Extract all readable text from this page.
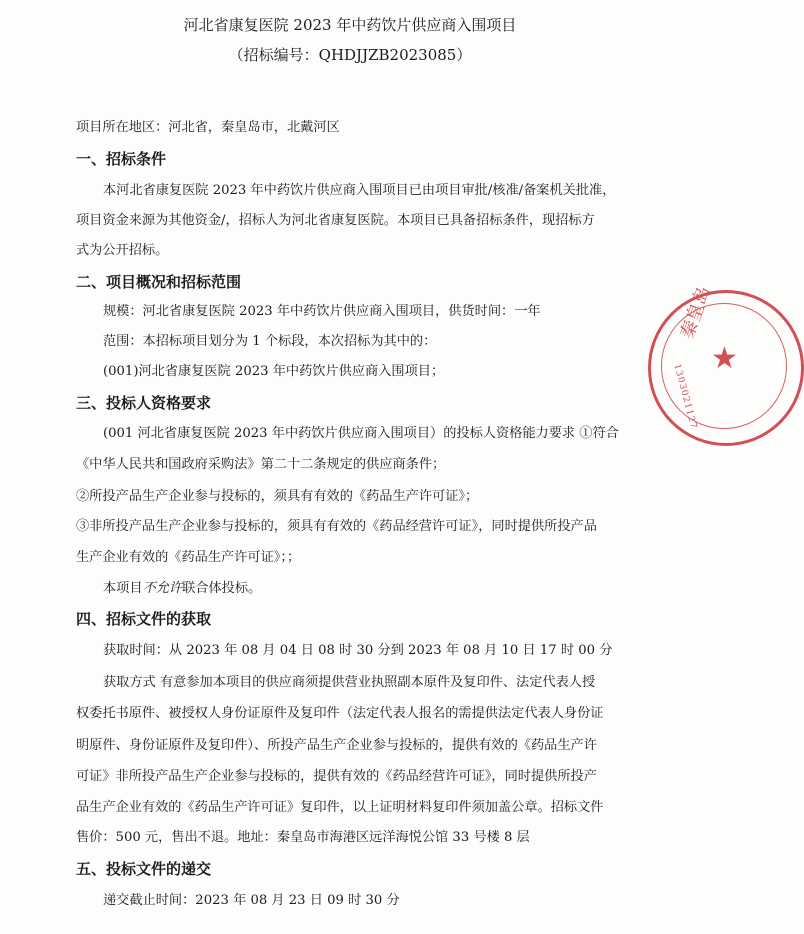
河北省康复医院 2023 年中药饮片供应商入围项目
（招标编号：QHDJJZB2023085）
项目所在地区：河北省，秦皇岛市，北戴河区
一、招标条件
本河北省康复医院 2023 年中药饮片供应商入围项目已由项目审批/核准/备案机关批准，
项目资金来源为其他资金/，招标人为河北省康复医院。本项目已具备招标条件，现招标方
式为公开招标。
二、项目概况和招标范围
规模：河北省康复医院 2023 年中药饮片供应商入围项目，供货时间：一年
范围：本招标项目划分为 1 个标段，本次招标为其中的：
(001)河北省康复医院 2023 年中药饮片供应商入围项目；
三、投标人资格要求
(001 河北省康复医院 2023 年中药饮片供应商入围项目）的投标人资格能力要求 ①符合
《中华人民共和国政府采购法》第二十二条规定的供应商条件；
②所投产品生产企业参与投标的，须具有有效的《药品生产许可证》；
③非所投产品生产企业参与投标的，须具有有效的《药品经营许可证》，同时提供所投产品
生产企业有效的《药品生产许可证》；；
本项目不允许联合体投标。
四、招标文件的获取
获取时间：从 2023 年 08 月 04 日 08 时 30 分到 2023 年 08 月 10 日 17 时 00 分
获取方式 有意参加本项目的供应商须提供营业执照副本原件及复印件、法定代表人授
权委托书原件、被授权人身份证原件及复印件（法定代表人报名的需提供法定代表人身份证
明原件、身份证原件及复印件）、所投产品生产企业参与投标的，提供有效的《药品生产许
可证》非所投产品生产企业参与投标的，提供有效的《药品经营许可证》，同时提供所投产
品生产企业有效的《药品生产许可证》复印件，以上证明材料复印件须加盖公章。招标文件
售价：500 元，售出不退。地址：秦皇岛市海港区远洋海悦公馆 33 号楼 8 层
五、投标文件的递交
递交截止时间：2023 年 08 月 23 日 09 时 30 分
秦皇岛
★
1303021127
